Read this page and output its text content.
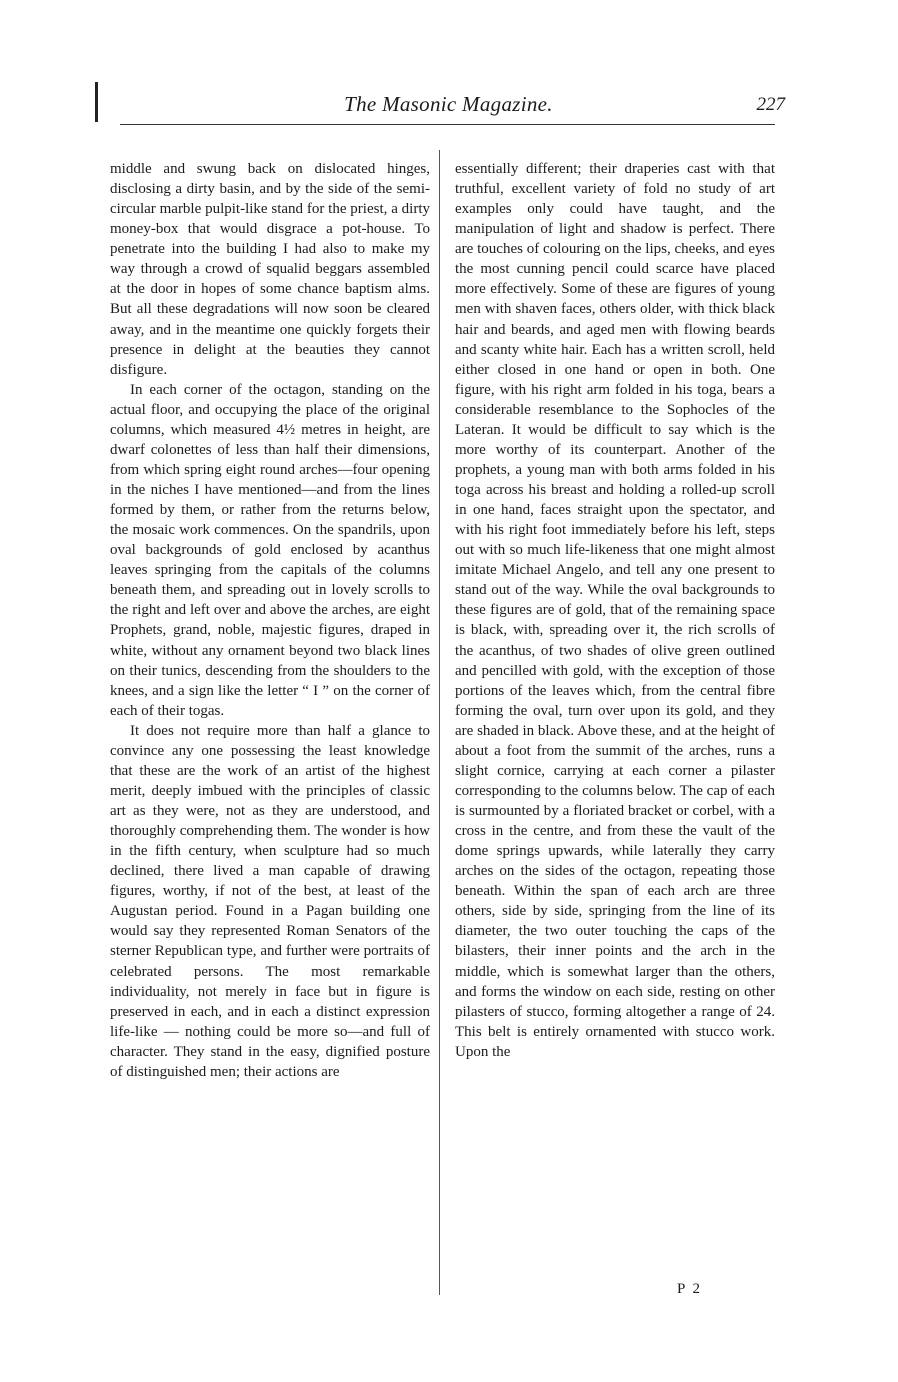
The Masonic Magazine.	227

middle and swung back on dislocated hinges, disclosing a dirty basin, and by the side of the semi-circular marble pulpit-like stand for the priest, a dirty money-box that would disgrace a pot-house. To penetrate into the building I had also to make my way through a crowd of squalid beggars assembled at the door in hopes of some chance baptism alms. But all these degradations will now soon be cleared away, and in the meantime one quickly forgets their presence in delight at the beauties they cannot disfigure.

In each corner of the octagon, standing on the actual floor, and occupying the place of the original columns, which measured 4½ metres in height, are dwarf colonettes of less than half their dimensions, from which spring eight round arches—four opening in the niches I have mentioned—and from the lines formed by them, or rather from the returns below, the mosaic work commences. On the spandrils, upon oval backgrounds of gold enclosed by acanthus leaves springing from the capitals of the columns beneath them, and spreading out in lovely scrolls to the right and left over and above the arches, are eight Prophets, grand, noble, majestic figures, draped in white, without any ornament beyond two black lines on their tunics, descending from the shoulders to the knees, and a sign like the letter “ I ” on the corner of each of their togas.

It does not require more than half a glance to convince any one possessing the least knowledge that these are the work of an artist of the highest merit, deeply imbued with the principles of classic art as they were, not as they are understood, and thoroughly comprehending them. The wonder is how in the fifth century, when sculpture had so much declined, there lived a man capable of drawing figures, worthy, if not of the best, at least of the Augustan period. Found in a Pagan building one would say they represented Roman Senators of the sterner Republican type, and further were portraits of celebrated persons. The most remarkable individuality, not merely in face but in figure is preserved in each, and in each a distinct expression life-like — nothing could be more so—and full of character. They stand in the easy, dignified posture of distinguished men; their actions are

essentially different; their draperies cast with that truthful, excellent variety of fold no study of art examples only could have taught, and the manipulation of light and shadow is perfect. There are touches of colouring on the lips, cheeks, and eyes the most cunning pencil could scarce have placed more effectively. Some of these are figures of young men with shaven faces, others older, with thick black hair and beards, and aged men with flowing beards and scanty white hair. Each has a written scroll, held either closed in one hand or open in both. One figure, with his right arm folded in his toga, bears a considerable resemblance to the Sophocles of the Lateran. It would be difficult to say which is the more worthy of its counterpart. Another of the prophets, a young man with both arms folded in his toga across his breast and holding a rolled-up scroll in one hand, faces straight upon the spectator, and with his right foot immediately before his left, steps out with so much life-likeness that one might almost imitate Michael Angelo, and tell any one present to stand out of the way. While the oval backgrounds to these figures are of gold, that of the remaining space is black, with, spreading over it, the rich scrolls of the acanthus, of two shades of olive green outlined and pencilled with gold, with the exception of those portions of the leaves which, from the central fibre forming the oval, turn over upon its gold, and they are shaded in black. Above these, and at the height of about a foot from the summit of the arches, runs a slight cornice, carrying at each corner a pilaster corresponding to the columns below. The cap of each is surmounted by a floriated bracket or corbel, with a cross in the centre, and from these the vault of the dome springs upwards, while laterally they carry arches on the sides of the octagon, repeating those beneath. Within the span of each arch are three others, side by side, springing from the line of its diameter, the two outer touching the caps of the bilasters, their inner points and the arch in the middle, which is somewhat larger than the others, and forms the window on each side, resting on other pilasters of stucco, forming altogether a range of 24. This belt is entirely ornamented with stucco work. Upon the

P 2
